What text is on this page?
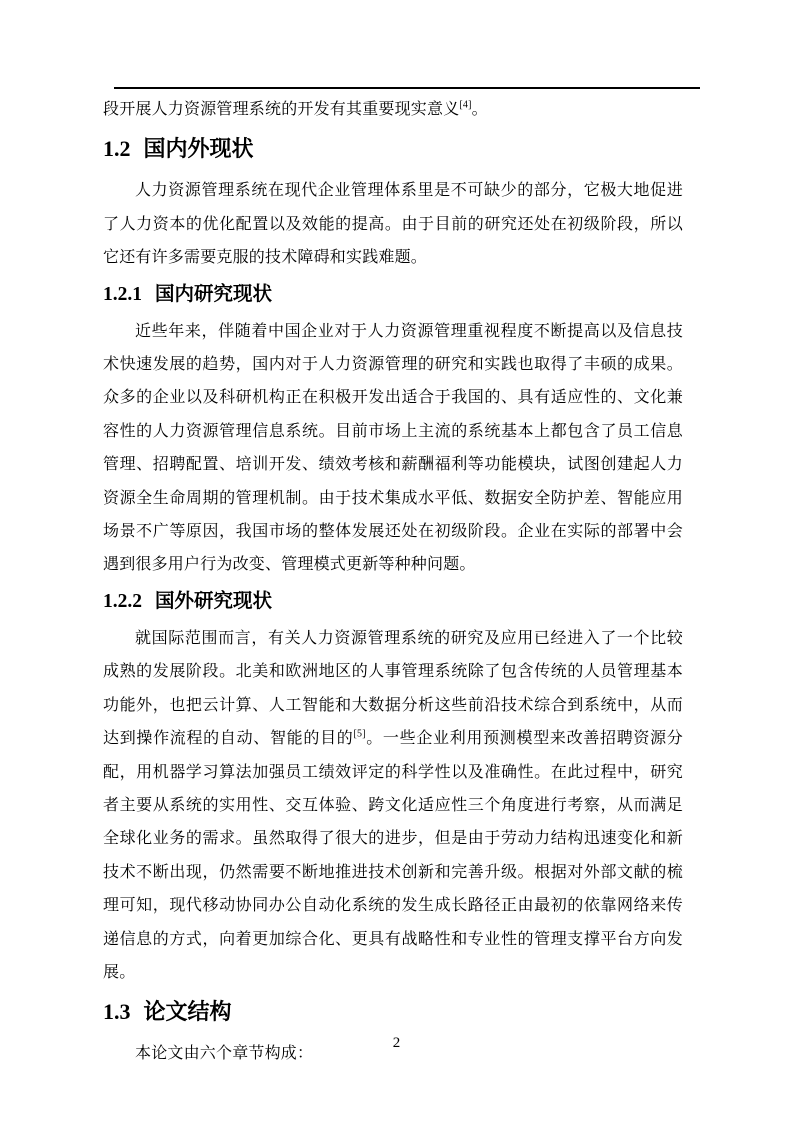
段开展人力资源管理系统的开发有其重要现实意义[4]。

1.2 国内外现状

人力资源管理系统在现代企业管理体系里是不可缺少的部分，它极大地促进了人力资本的优化配置以及效能的提高。由于目前的研究还处在初级阶段，所以它还有许多需要克服的技术障碍和实践难题。

1.2.1 国内研究现状

近些年来，伴随着中国企业对于人力资源管理重视程度不断提高以及信息技术快速发展的趋势，国内对于人力资源管理的研究和实践也取得了丰硕的成果。众多的企业以及科研机构正在积极开发出适合于我国的、具有适应性的、文化兼容性的人力资源管理信息系统。目前市场上主流的系统基本上都包含了员工信息管理、招聘配置、培训开发、绩效考核和薪酬福利等功能模块，试图创建起人力资源全生命周期的管理机制。由于技术集成水平低、数据安全防护差、智能应用场景不广等原因，我国市场的整体发展还处在初级阶段。企业在实际的部署中会遇到很多用户行为改变、管理模式更新等种种问题。

1.2.2 国外研究现状

就国际范围而言，有关人力资源管理系统的研究及应用已经进入了一个比较成熟的发展阶段。北美和欧洲地区的人事管理系统除了包含传统的人员管理基本功能外，也把云计算、人工智能和大数据分析这些前沿技术综合到系统中，从而达到操作流程的自动、智能的目的[5]。一些企业利用预测模型来改善招聘资源分配，用机器学习算法加强员工绩效评定的科学性以及准确性。在此过程中，研究者主要从系统的实用性、交互体验、跨文化适应性三个角度进行考察，从而满足全球化业务的需求。虽然取得了很大的进步，但是由于劳动力结构迅速变化和新技术不断出现，仍然需要不断地推进技术创新和完善升级。根据对外部文献的梳理可知，现代移动协同办公自动化系统的发生成长路径正由最初的依靠网络来传递信息的方式，向着更加综合化、更具有战略性和专业性的管理支撑平台方向发展。

1.3 论文结构

本论文由六个章节构成：

2
